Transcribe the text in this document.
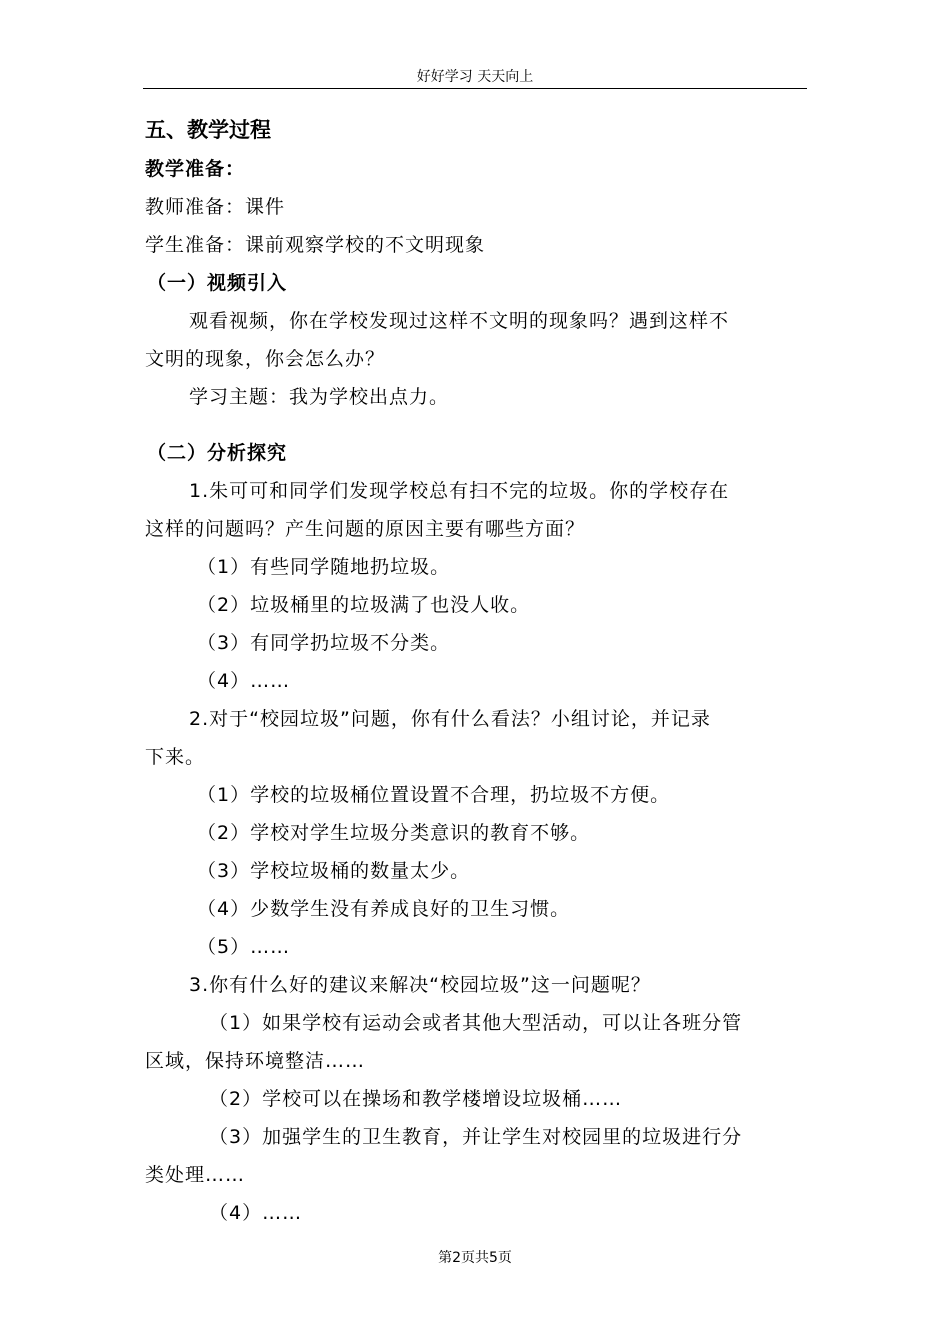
好好学习 天天向上
五、教学过程
教学准备：
教师准备：课件
学生准备：课前观察学校的不文明现象
（一）视频引入
观看视频，你在学校发现过这样不文明的现象吗？遇到这样不
文明的现象，你会怎么办？
学习主题：我为学校出点力。
（二）分析探究
1.朱可可和同学们发现学校总有扫不完的垃圾。你的学校存在
这样的问题吗？产生问题的原因主要有哪些方面？
（1）有些同学随地扔垃圾。
（2）垃圾桶里的垃圾满了也没人收。
（3）有同学扔垃圾不分类。
（4）……
2.对于“校园垃圾”问题，你有什么看法？小组讨论，并记录
下来。
（1）学校的垃圾桶位置设置不合理，扔垃圾不方便。
（2）学校对学生垃圾分类意识的教育不够。
（3）学校垃圾桶的数量太少。
（4）少数学生没有养成良好的卫生习惯。
（5）……
3.你有什么好的建议来解决“校园垃圾”这一问题呢？
（1）如果学校有运动会或者其他大型活动，可以让各班分管
区域，保持环境整洁……
（2）学校可以在操场和教学楼增设垃圾桶……
（3）加强学生的卫生教育，并让学生对校园里的垃圾进行分
类处理……
（4）……
第2页共5页
